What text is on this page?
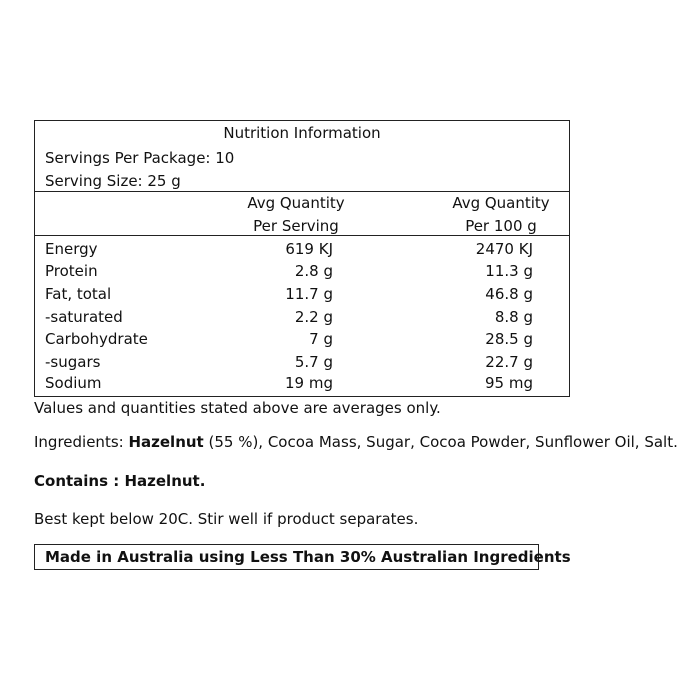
Nutrition Information
Servings Per Package: 10
Serving Size: 25 g
Avg Quantity
Per Serving
Avg Quantity
Per 100 g
Energy	619 KJ	2470 KJ
Protein	2.8 g	11.3 g
Fat, total	11.7 g	46.8 g
-saturated	2.2 g	8.8 g
Carbohydrate	7 g	28.5 g
-sugars	5.7 g	22.7 g
Sodium	19 mg	95 mg
Values and quantities stated above are averages only.
Ingredients: Hazelnut (55 %), Cocoa Mass, Sugar, Cocoa Powder, Sunflower Oil, Salt.
Contains : Hazelnut.
Best kept below 20C. Stir well if product separates.
Made in Australia using Less Than 30% Australian Ingredients
